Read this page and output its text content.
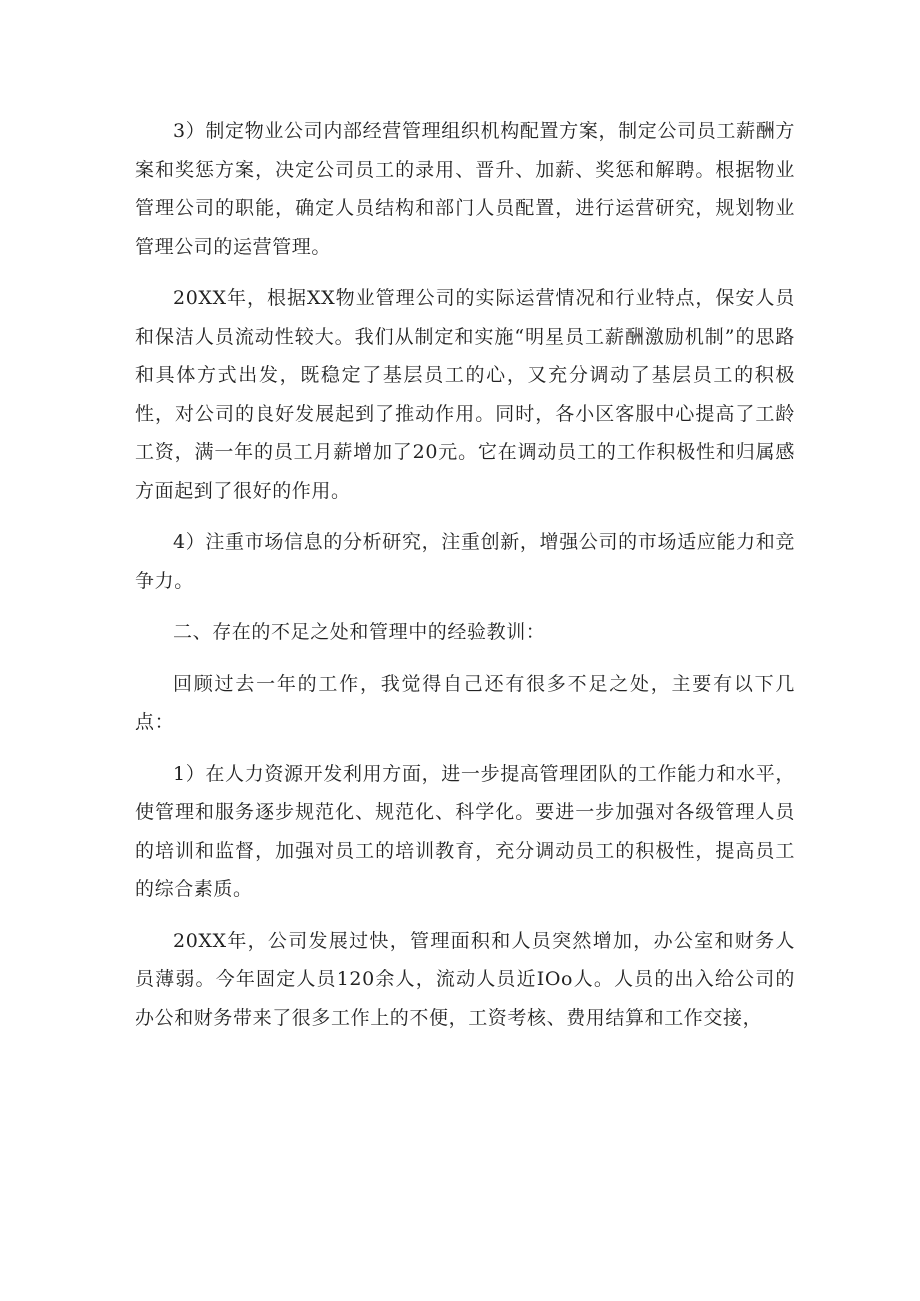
3）制定物业公司内部经营管理组织机构配置方案，制定公司员工薪酬方案和奖惩方案，决定公司员工的录用、晋升、加薪、奖惩和解聘。根据物业管理公司的职能，确定人员结构和部门人员配置，进行运营研究，规划物业管理公司的运营管理。

20XX年，根据XX物业管理公司的实际运营情况和行业特点，保安人员和保洁人员流动性较大。我们从制定和实施“明星员工薪酬激励机制”的思路和具体方式出发，既稳定了基层员工的心，又充分调动了基层员工的积极性，对公司的良好发展起到了推动作用。同时，各小区客服中心提高了工龄工资，满一年的员工月薪增加了20元。它在调动员工的工作积极性和归属感方面起到了很好的作用。

4）注重市场信息的分析研究，注重创新，增强公司的市场适应能力和竞争力。

二、存在的不足之处和管理中的经验教训：

回顾过去一年的工作，我觉得自己还有很多不足之处，主要有以下几点：

1）在人力资源开发利用方面，进一步提高管理团队的工作能力和水平，使管理和服务逐步规范化、规范化、科学化。要进一步加强对各级管理人员的培训和监督，加强对员工的培训教育，充分调动员工的积极性，提高员工的综合素质。

20XX年，公司发展过快，管理面积和人员突然增加，办公室和财务人员薄弱。今年固定人员120余人，流动人员近IOo人。人员的出入给公司的办公和财务带来了很多工作上的不便，工资考核、费用结算和工作交接，
